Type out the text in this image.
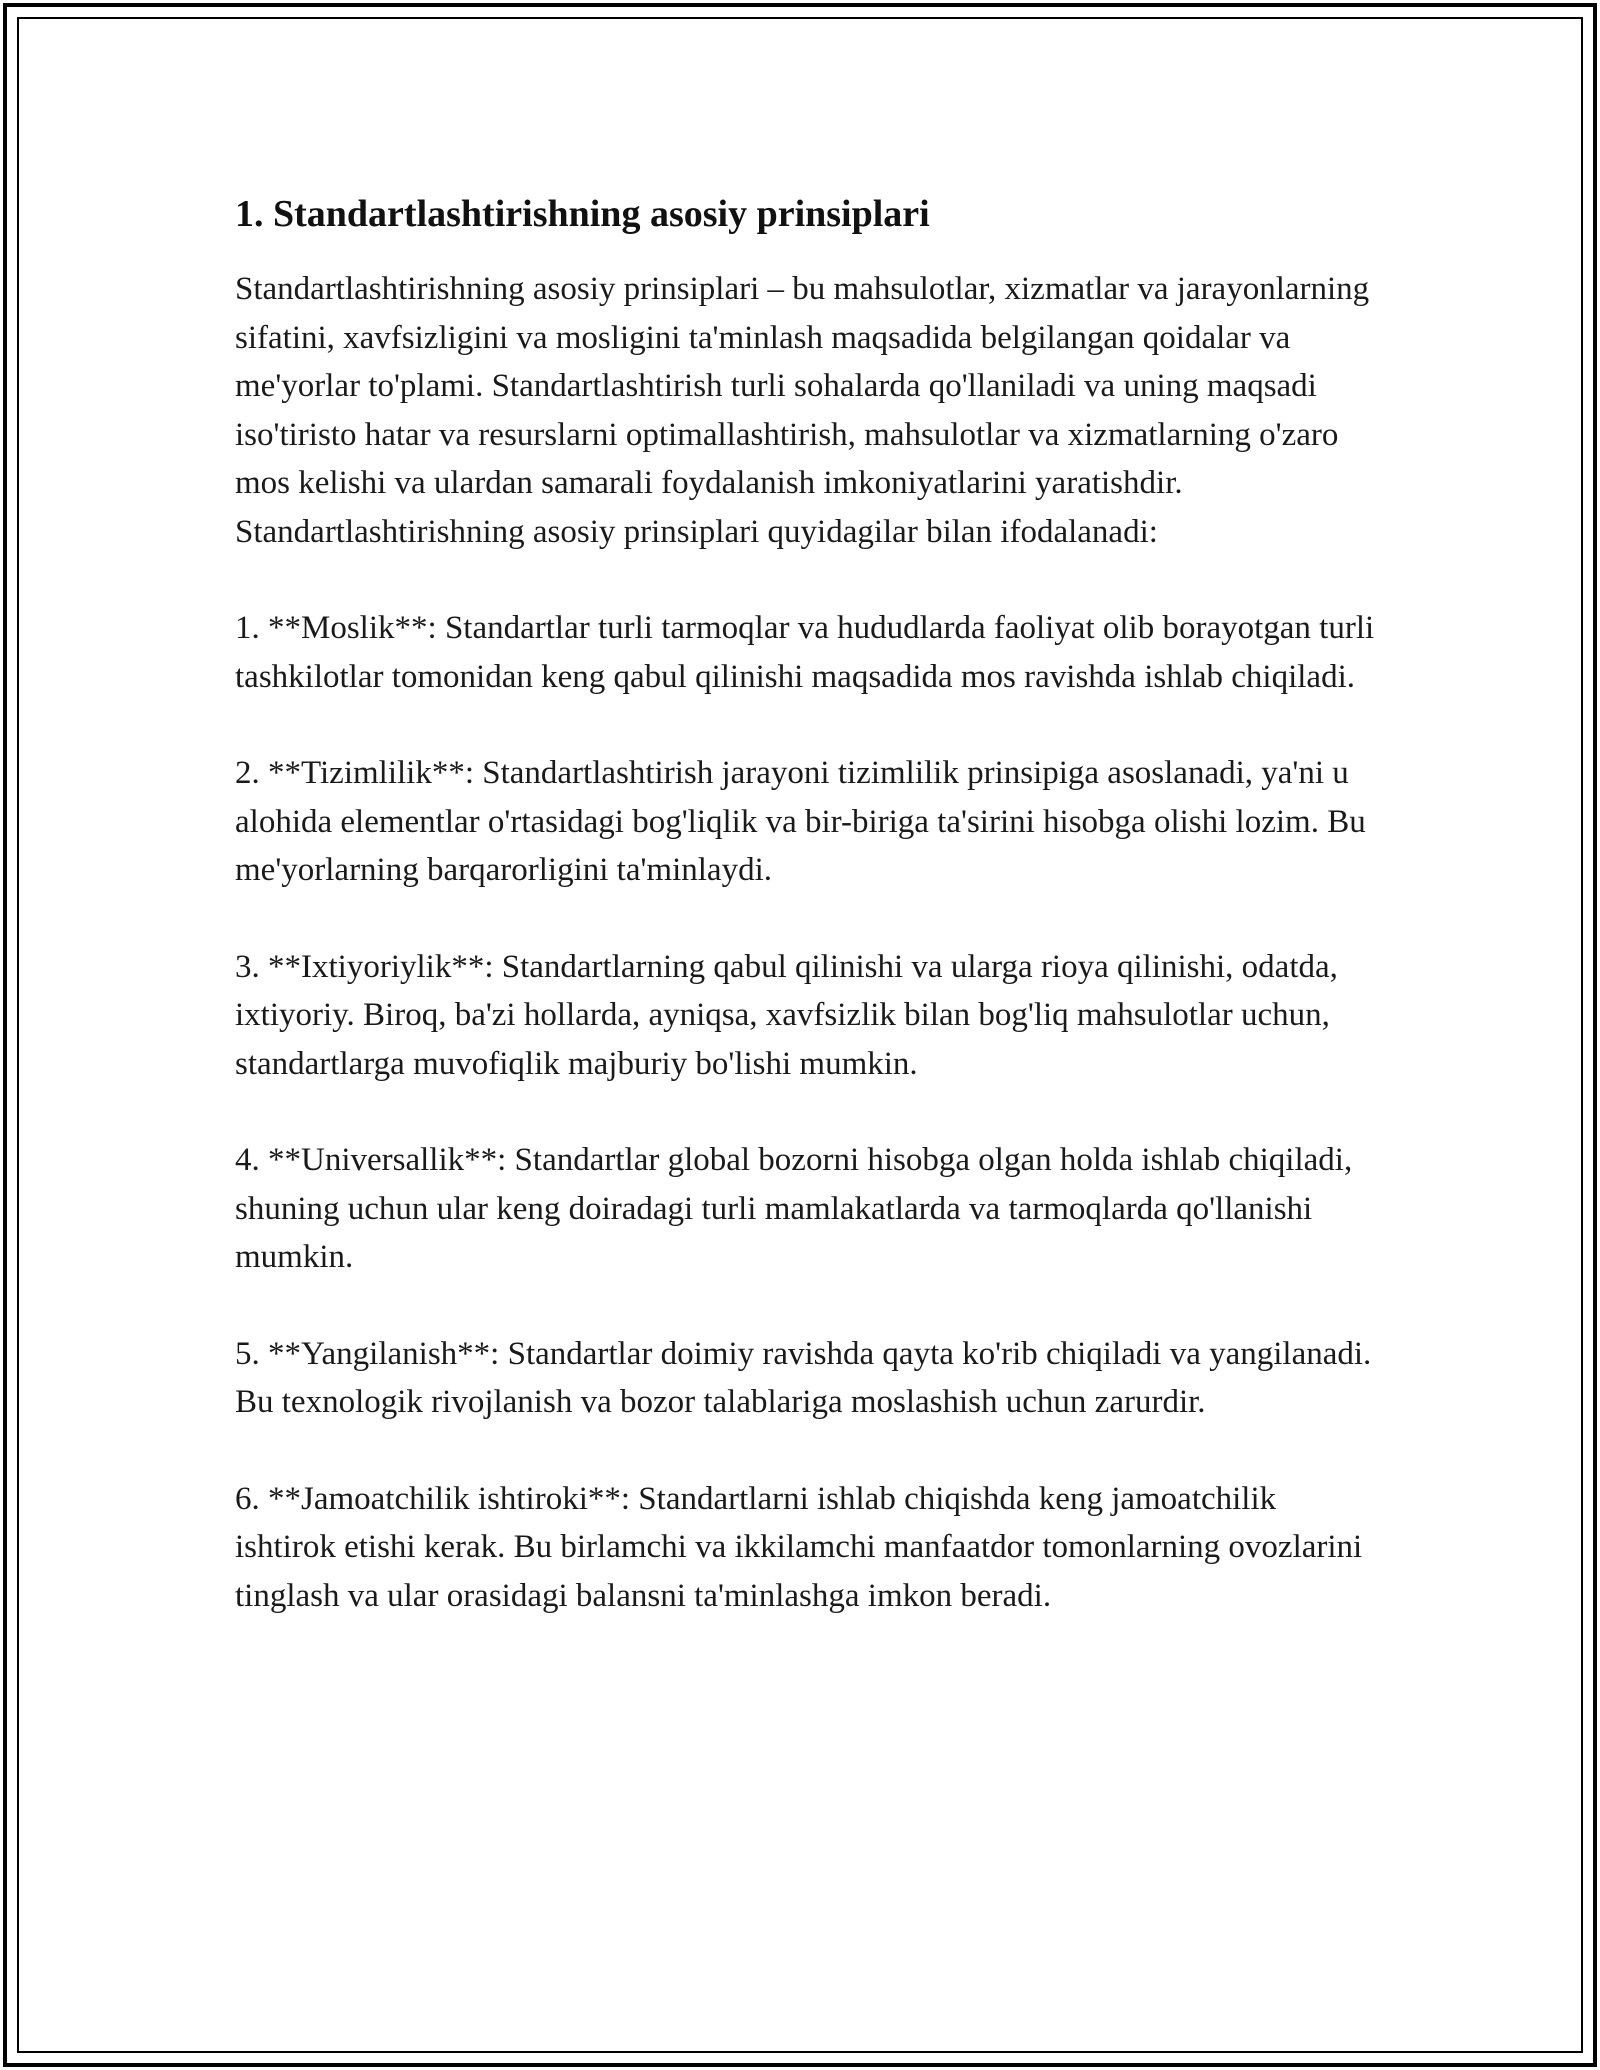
1. Standartlashtirishning asosiy prinsiplari

Standartlashtirishning asosiy prinsiplari – bu mahsulotlar, xizmatlar va jarayonlarning sifatini, xavfsizligini va mosligini ta'minlash maqsadida belgilangan qoidalar va me'yorlar to'plami. Standartlashtirish turli sohalarda qo'llaniladi va uning maqsadi iso'tiristo hatar va resurslarni optimallashtirish, mahsulotlar va xizmatlarning o'zaro mos kelishi va ulardan samarali foydalanish imkoniyatlarini yaratishdir. Standartlashtirishning asosiy prinsiplari quyidagilar bilan ifodalanadi:

1. **Moslik**: Standartlar turli tarmoqlar va hududlarda faoliyat olib borayotgan turli tashkilotlar tomonidan keng qabul qilinishi maqsadida mos ravishda ishlab chiqiladi.

2. **Tizimlilik**: Standartlashtirish jarayoni tizimlilik prinsipiga asoslanadi, ya'ni u alohida elementlar o'rtasidagi bog'liqlik va bir-biriga ta'sirini hisobga olishi lozim. Bu me'yorlarning barqarorligini ta'minlaydi.

3. **Ixtiyoriylik**: Standartlarning qabul qilinishi va ularga rioya qilinishi, odatda, ixtiyoriy. Biroq, ba'zi hollarda, ayniqsa, xavfsizlik bilan bog'liq mahsulotlar uchun, standartlarga muvofiqlik majburiy bo'lishi mumkin.

4. **Universallik**: Standartlar global bozorni hisobga olgan holda ishlab chiqiladi, shuning uchun ular keng doiradagi turli mamlakatlarda va tarmoqlarda qo'llanishi mumkin.

5. **Yangilanish**: Standartlar doimiy ravishda qayta ko'rib chiqiladi va yangilanadi. Bu texnologik rivojlanish va bozor talablariga moslashish uchun zarurdir.

6. **Jamoatchilik ishtiroki**: Standartlarni ishlab chiqishda keng jamoatchilik ishtirok etishi kerak. Bu birlamchi va ikkilamchi manfaatdor tomonlarning ovozlarini tinglash va ular orasidagi balansni ta'minlashga imkon beradi.
